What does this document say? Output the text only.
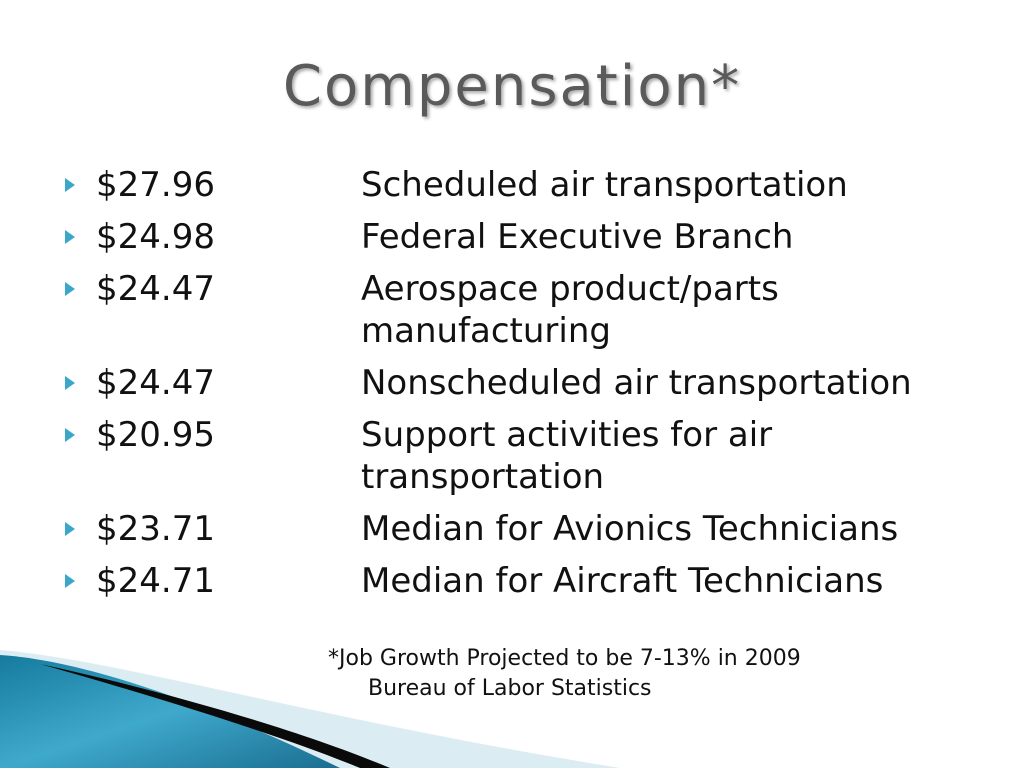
Compensation*
$27.96	Scheduled air transportation
$24.98	Federal Executive Branch
$24.47	Aerospace product/parts manufacturing
$24.47	Nonscheduled air transportation
$20.95	Support activities for air transportation
$23.71	Median for Avionics Technicians
$24.71	Median for Aircraft Technicians
*Job Growth Projected to be 7-13% in 2009
Bureau of Labor Statistics
